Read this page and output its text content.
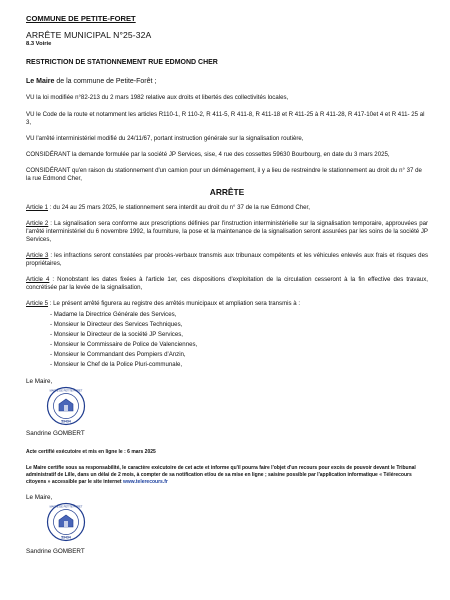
COMMUNE DE PETITE-FORET
ARRÊTE MUNICIPAL N°25-32A
8.3 Voirie
RESTRICTION DE STATIONNEMENT RUE EDMOND CHER
Le Maire de la commune de Petite-Forêt ;

VU la loi modifiée n°82-213 du 2 mars 1982 relative aux droits et libertés des collectivités locales,

VU le Code de la route et notamment les articles R110-1, R 110-2, R 411-5, R 411-8, R 411-18 et R 411-25 à R 411-28, R 417-10et 4 et R 411- 25 al 3,

VU l'arrêté interministériel modifié du 24/11/67, portant instruction générale sur la signalisation routière,

CONSIDÉRANT la demande formulée par la société JP Services, sise, 4 rue des cossettes 59630 Bourbourg, en date du 3 mars 2025,

CONSIDÉRANT qu'en raison du stationnement d'un camion pour un déménagement, il y a lieu de restreindre le stationnement au droit du n° 37 de la rue Edmond Cher,

ARRÊTE

Article 1 : du 24 au 25 mars 2025, le stationnement sera interdit au droit du n° 37 de la rue Edmond Cher,

Article 2 : La signalisation sera conforme aux prescriptions définies par l'instruction interministérielle sur la signalisation temporaire, approuvées par l'arrêté interministériel du 6 novembre 1992, la fourniture, la pose et la maintenance de la signalisation seront assurées par les soins de la société JP Services,

Article 3 : les infractions seront constatées par procès-verbaux transmis aux tribunaux compétents et les véhicules enlevés aux frais et risques des propriétaires,

Article 4 : Nonobstant les dates fixées à l'article 1er, ces dispositions d'exploitation de la circulation cesseront à la fin effective des travaux, concrétisée par la levée de la signalisation,

Article 5 : Le présent arrêté figurera au registre des arrêtés municipaux et ampliation sera transmis à :

- Madame la Directrice Générale des Services,
- Monsieur le Directeur des Services Techniques,
- Monsieur le Directeur de la société JP Services,
- Monsieur le Commissaire de Police de Valenciennes,
- Monsieur le Commandant des Pompiers d'Anzin,
- Monsieur le Chef de la Police Pluri-communale,
Le Maire,
59494
MAIRIE DE PETITE-FORET
Sandrine GOMBERT

Acte certifié exécutoire et mis en ligne le : 6 mars 2025

Le Maire certifie sous sa responsabilité, le caractère exécutoire de cet acte et informe qu'il pourra faire l'objet d'un recours pour excès de pouvoir devant le Tribunal administratif de Lille, dans un délai de 2 mois, à compter de sa notification et/ou de sa mise en ligne ; saisine possible par l'application informatique « Télérecours citoyens » accessible par le site internet www.telerecours.fr

Le Maire,
59494
MAIRIE DE PETITE-FORET
Sandrine GOMBERT
